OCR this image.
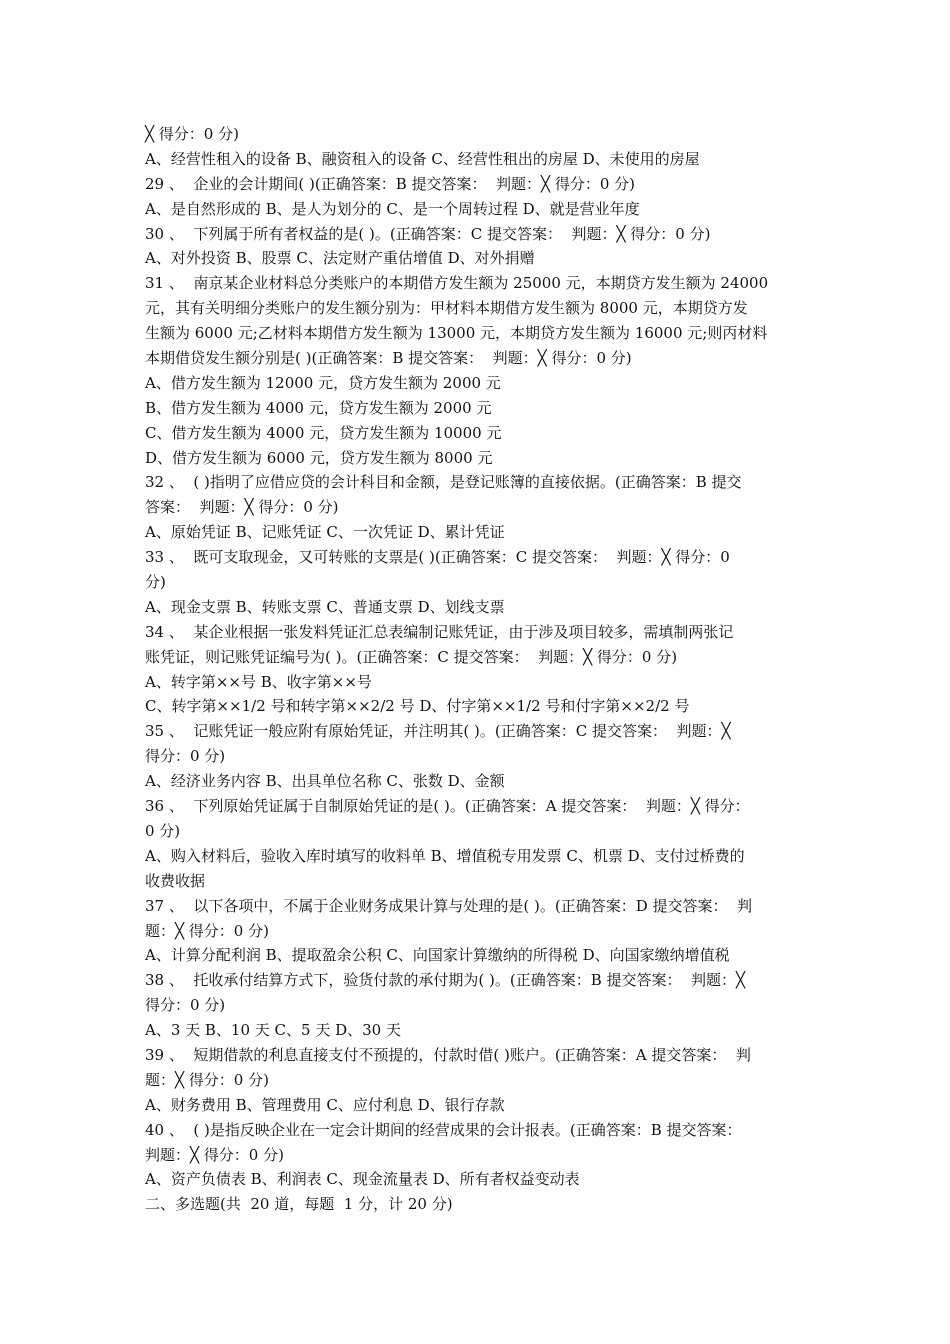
╳ 得分：0 分)
A、经营性租入的设备 B、融资租入的设备 C、经营性租出的房屋 D、未使用的房屋
29 、  企业的会计期间( )(正确答案：B 提交答案：  判题：╳ 得分：0 分)
A、是自然形成的 B、是人为划分的 C、是一个周转过程 D、就是营业年度
30 、  下列属于所有者权益的是( )。(正确答案：C 提交答案：  判题：╳ 得分：0 分)
A、对外投资 B、股票 C、法定财产重估增值 D、对外捐赠
31 、  南京某企业材料总分类账户的本期借方发生额为 25000 元，本期贷方发生额为 24000
元，其有关明细分类账户的发生额分别为：甲材料本期借方发生额为 8000 元，本期贷方发
生额为 6000 元;乙材料本期借方发生额为 13000 元，本期贷方发生额为 16000 元;则丙材料
本期借贷发生额分别是( )(正确答案：B 提交答案：  判题：╳ 得分：0 分)
A、借方发生额为 12000 元，贷方发生额为 2000 元
B、借方发生额为 4000 元，贷方发生额为 2000 元
C、借方发生额为 4000 元，贷方发生额为 10000 元
D、借方发生额为 6000 元，贷方发生额为 8000 元
32 、  ( )指明了应借应贷的会计科目和金额，是登记账簿的直接依据。(正确答案：B 提交
答案：  判题：╳ 得分：0 分)
A、原始凭证 B、记账凭证 C、一次凭证 D、累计凭证
33 、  既可支取现金，又可转账的支票是( )(正确答案：C 提交答案：  判题：╳ 得分：0
分)
A、现金支票 B、转账支票 C、普通支票 D、划线支票
34 、  某企业根据一张发料凭证汇总表编制记账凭证，由于涉及项目较多，需填制两张记
账凭证，则记账凭证编号为( )。(正确答案：C 提交答案：  判题：╳ 得分：0 分)
A、转字第××号 B、收字第××号
C、转字第××1/2 号和转字第××2/2 号 D、付字第××1/2 号和付字第××2/2 号
35 、  记账凭证一般应附有原始凭证，并注明其( )。(正确答案：C 提交答案：  判题：╳
得分：0 分)
A、经济业务内容 B、出具单位名称 C、张数 D、金额
36 、  下列原始凭证属于自制原始凭证的是( )。(正确答案：A 提交答案：  判题：╳ 得分：
0 分)
A、购入材料后，验收入库时填写的收料单 B、增值税专用发票 C、机票 D、支付过桥费的
收费收据
37 、  以下各项中，不属于企业财务成果计算与处理的是( )。(正确答案：D 提交答案：  判
题：╳ 得分：0 分)
A、计算分配利润 B、提取盈余公积 C、向国家计算缴纳的所得税 D、向国家缴纳增值税
38 、  托收承付结算方式下，验货付款的承付期为( )。(正确答案：B 提交答案：  判题：╳
得分：0 分)
A、3 天 B、10 天 C、5 天 D、30 天
39 、  短期借款的利息直接支付不预提的，付款时借( )账户。(正确答案：A 提交答案：  判
题：╳ 得分：0 分)
A、财务费用 B、管理费用 C、应付利息 D、银行存款
40 、  ( )是指反映企业在一定会计期间的经营成果的会计报表。(正确答案：B 提交答案：
判题：╳ 得分：0 分)
A、资产负债表 B、利润表 C、现金流量表 D、所有者权益变动表
二、多选题(共  20 道，每题  1 分，计 20 分)
